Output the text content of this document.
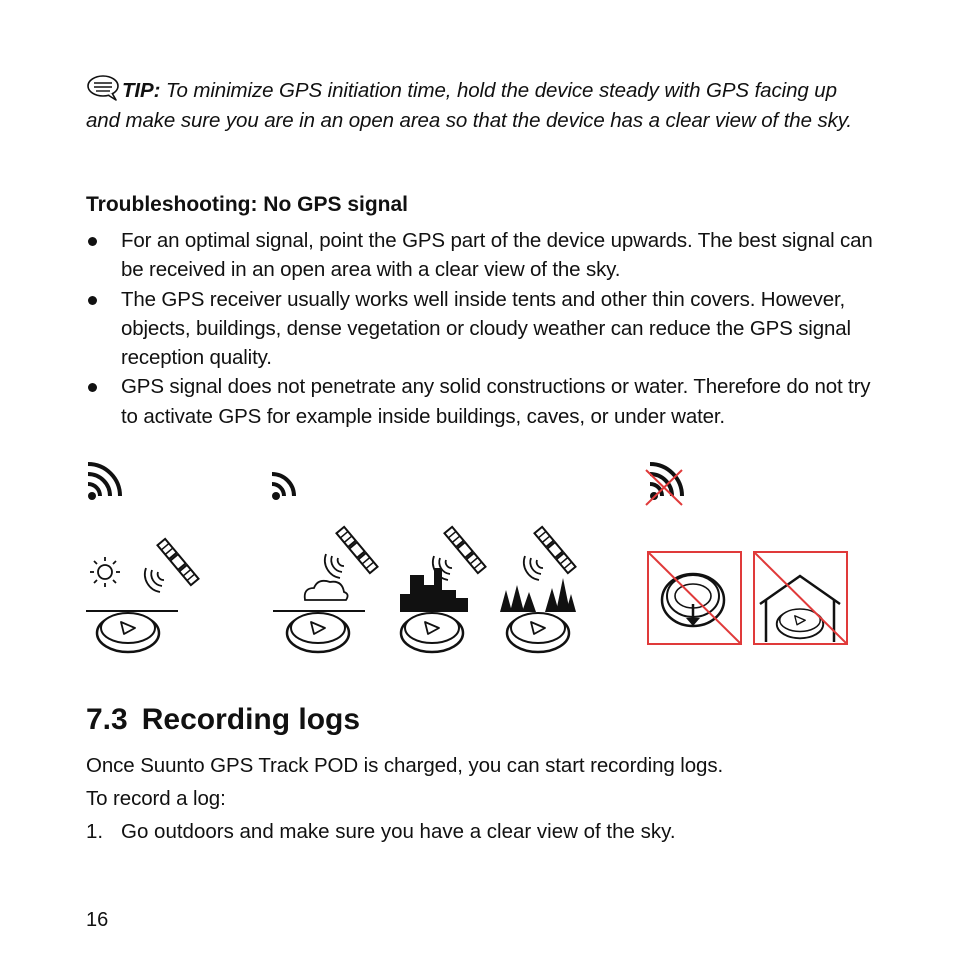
TIP: To minimize GPS initiation time, hold the device steady with GPS facing up and make sure you are in an open area so that the device has a clear view of the sky.
Troubleshooting: No GPS signal
For an optimal signal, point the GPS part of the device upwards. The best signal can be received in an open area with a clear view of the sky.
The GPS receiver usually works well inside tents and other thin covers. However, objects, buildings, dense vegetation or cloudy weather can reduce the GPS signal reception quality.
GPS signal does not penetrate any solid constructions or water. Therefore do not try to activate GPS for example inside buildings, caves, or under water.
7.3 Recording logs
Once Suunto GPS Track POD is charged, you can start recording logs.
To record a log:
1. Go outdoors and make sure you have a clear view of the sky.
16
